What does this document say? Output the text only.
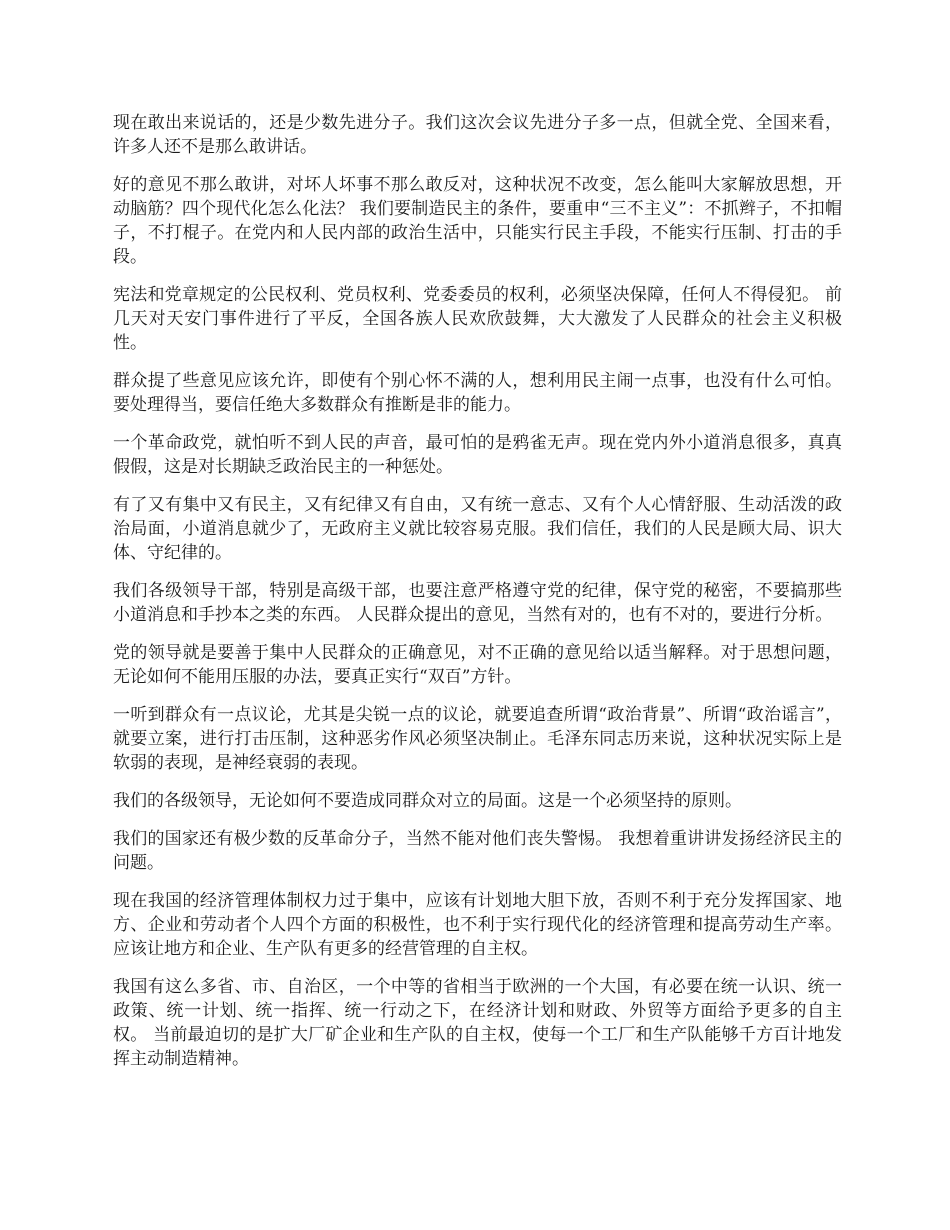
现在敢出来说话的，还是少数先进分子。我们这次会议先进分子多一点，但就全党、全国来看，许多人还不是那么敢讲话。

好的意见不那么敢讲，对坏人坏事不那么敢反对，这种状况不改变，怎么能叫大家解放思想，开动脑筋？四个现代化怎么化法？ 我们要制造民主的条件，要重申“三不主义”：不抓辫子，不扣帽子，不打棍子。在党内和人民内部的政治生活中，只能实行民主手段，不能实行压制、打击的手段。

宪法和党章规定的公民权利、党员权利、党委委员的权利，必须坚决保障，任何人不得侵犯。 前几天对天安门事件进行了平反，全国各族人民欢欣鼓舞，大大激发了人民群众的社会主义积极性。

群众提了些意见应该允许，即使有个别心怀不满的人，想利用民主闹一点事，也没有什么可怕。要处理得当，要信任绝大多数群众有推断是非的能力。

一个革命政党，就怕听不到人民的声音，最可怕的是鸦雀无声。现在党内外小道消息很多，真真假假，这是对长期缺乏政治民主的一种惩处。

有了又有集中又有民主，又有纪律又有自由，又有统一意志、又有个人心情舒服、生动活泼的政治局面，小道消息就少了，无政府主义就比较容易克服。我们信任，我们的人民是顾大局、识大体、守纪律的。

我们各级领导干部，特别是高级干部，也要注意严格遵守党的纪律，保守党的秘密，不要搞那些小道消息和手抄本之类的东西。 人民群众提出的意见，当然有对的，也有不对的，要进行分析。

党的领导就是要善于集中人民群众的正确意见，对不正确的意见给以适当解释。对于思想问题，无论如何不能用压服的办法，要真正实行“双百”方针。

一听到群众有一点议论，尤其是尖锐一点的议论，就要追查所谓“政治背景”、所谓“政治谣言”，就要立案，进行打击压制，这种恶劣作风必须坚决制止。毛泽东同志历来说，这种状况实际上是软弱的表现，是神经衰弱的表现。

我们的各级领导，无论如何不要造成同群众对立的局面。这是一个必须坚持的原则。

我们的国家还有极少数的反革命分子，当然不能对他们丧失警惕。 我想着重讲讲发扬经济民主的问题。

现在我国的经济管理体制权力过于集中，应该有计划地大胆下放，否则不利于充分发挥国家、地方、企业和劳动者个人四个方面的积极性，也不利于实行现代化的经济管理和提高劳动生产率。应该让地方和企业、生产队有更多的经营管理的自主权。

我国有这么多省、市、自治区，一个中等的省相当于欧洲的一个大国，有必要在统一认识、统一政策、统一计划、统一指挥、统一行动之下，在经济计划和财政、外贸等方面给予更多的自主权。 当前最迫切的是扩大厂矿企业和生产队的自主权，使每一个工厂和生产队能够千方百计地发挥主动制造精神。
